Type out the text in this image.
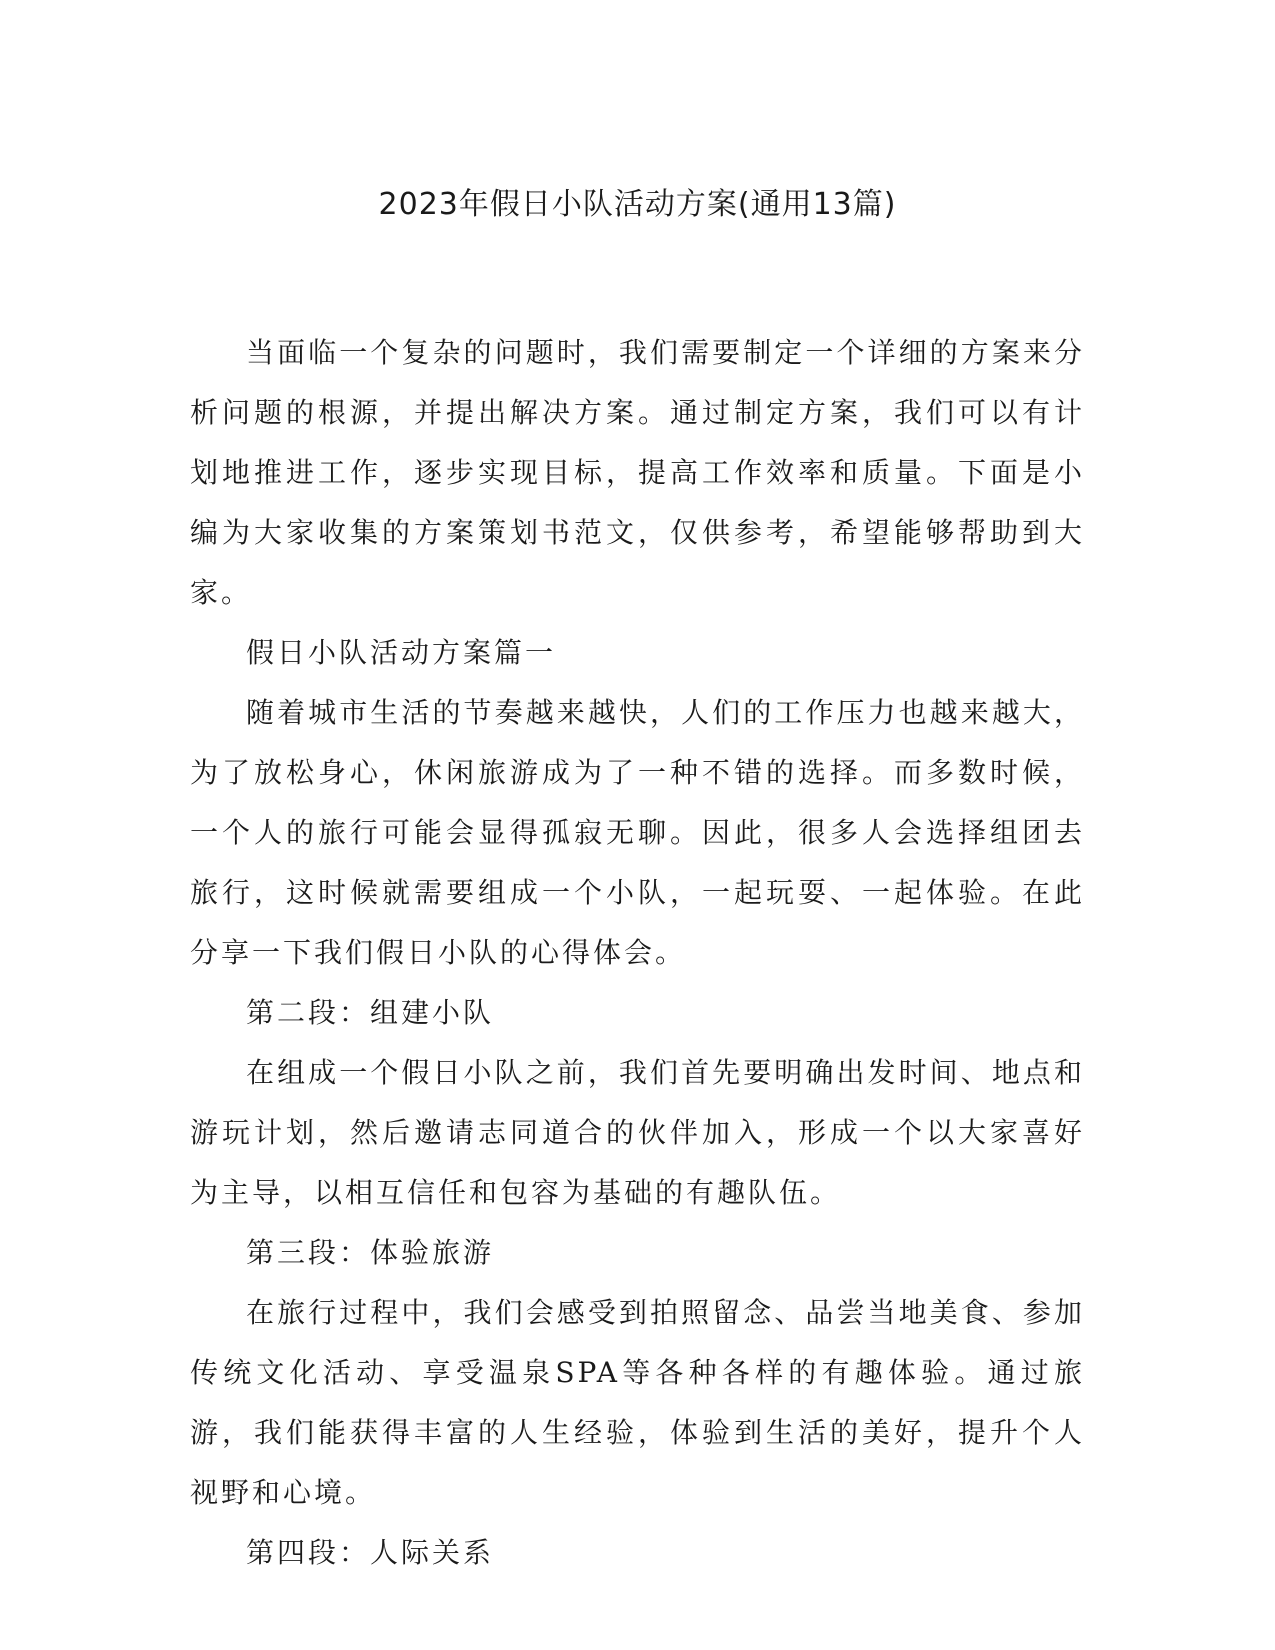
2023年假日小队活动方案(通用13篇)

当面临一个复杂的问题时，我们需要制定一个详细的方案来分析问题的根源，并提出解决方案。通过制定方案，我们可以有计划地推进工作，逐步实现目标，提高工作效率和质量。下面是小编为大家收集的方案策划书范文，仅供参考，希望能够帮助到大家。

假日小队活动方案篇一

随着城市生活的节奏越来越快，人们的工作压力也越来越大，为了放松身心，休闲旅游成为了一种不错的选择。而多数时候，一个人的旅行可能会显得孤寂无聊。因此，很多人会选择组团去旅行，这时候就需要组成一个小队，一起玩耍、一起体验。在此分享一下我们假日小队的心得体会。

第二段：组建小队

在组成一个假日小队之前，我们首先要明确出发时间、地点和游玩计划，然后邀请志同道合的伙伴加入，形成一个以大家喜好为主导，以相互信任和包容为基础的有趣队伍。

第三段：体验旅游

在旅行过程中，我们会感受到拍照留念、品尝当地美食、参加传统文化活动、享受温泉SPA等各种各样的有趣体验。通过旅游，我们能获得丰富的人生经验，体验到生活的美好，提升个人视野和心境。

第四段：人际关系
